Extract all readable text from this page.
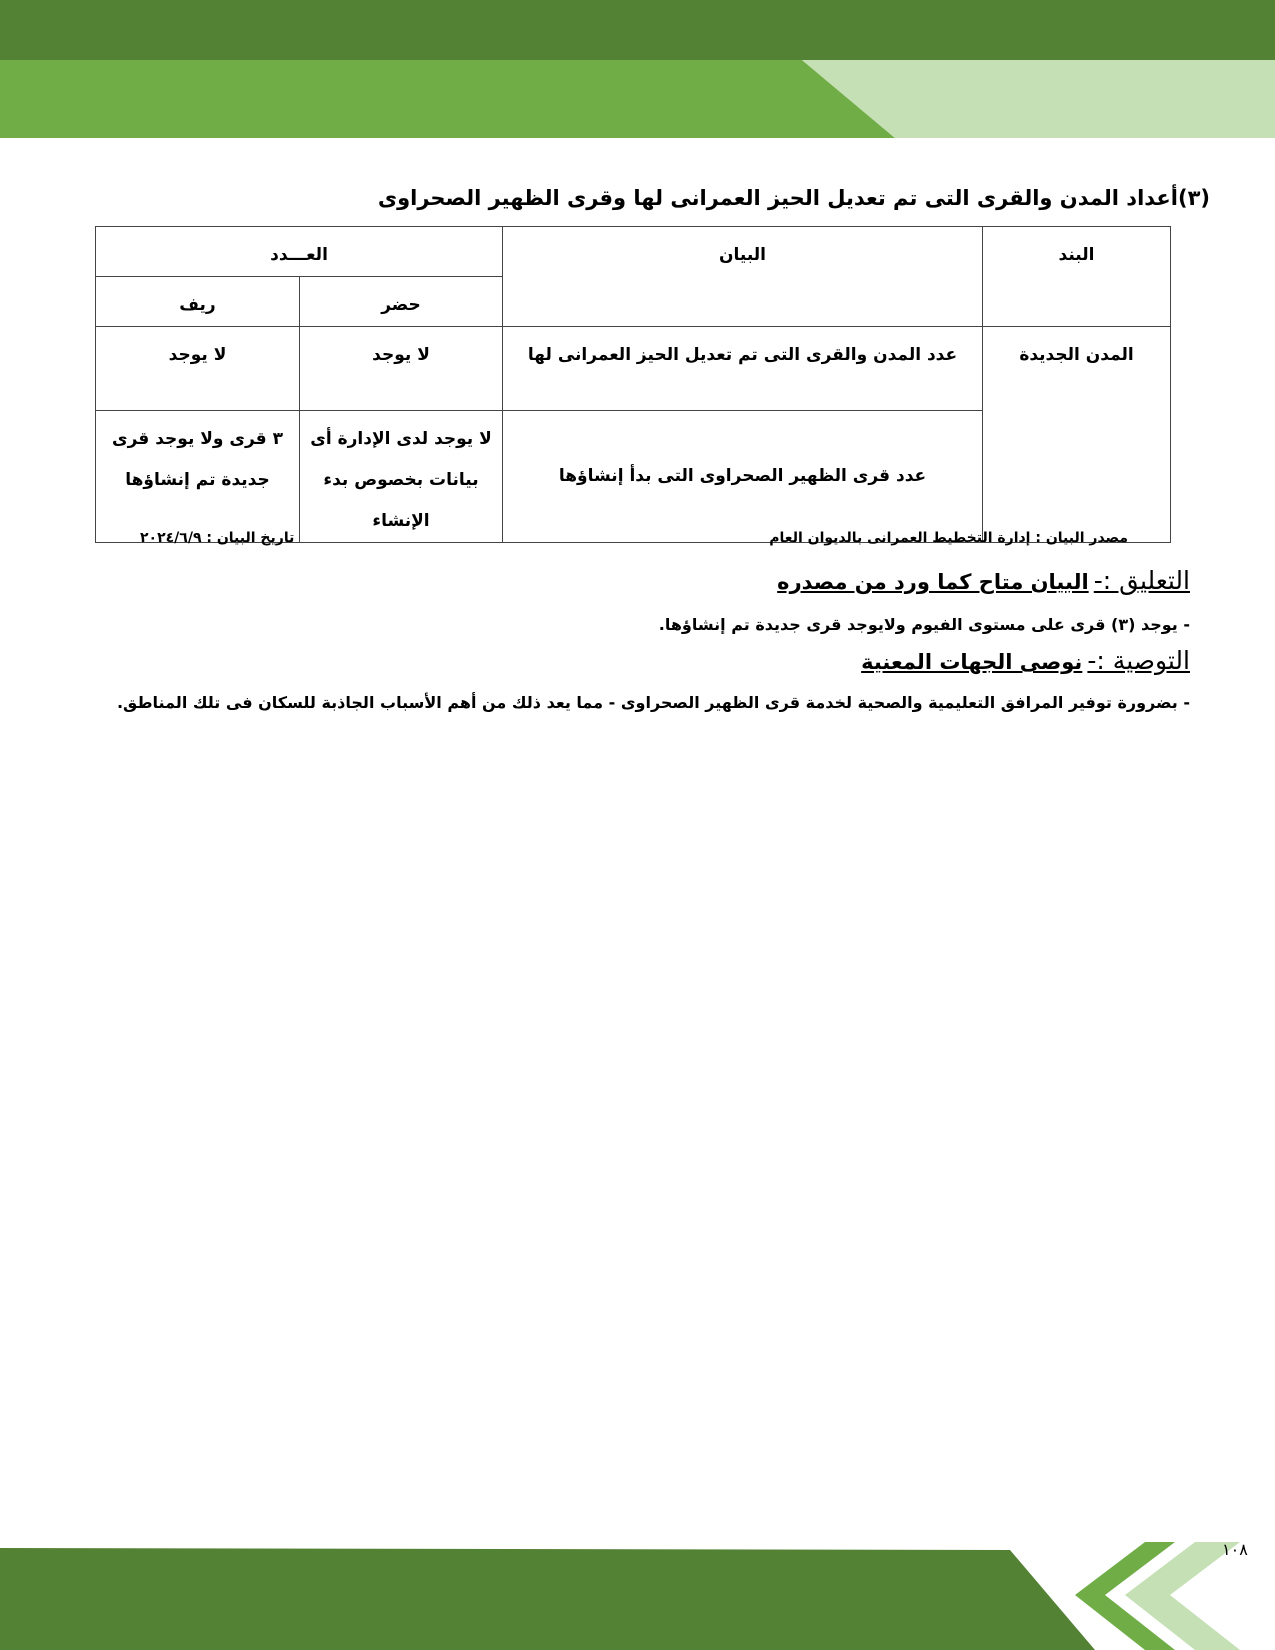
(٣)أعداد المدن والقرى التى تم تعديل الحيز العمرانى لها وقرى الظهير الصحراوى
البند	البيان	العـــدد	
		حضر	ريف
المدن الجديدة	عدد المدن والقرى التى تم تعديل الحيز العمرانى لها	لا يوجد	لا يوجد
	عدد قرى الظهير الصحراوى التى بدأ إنشاؤها	لا يوجد لدى الإدارة أى بيانات بخصوص بدء الإنشاء	٣ قرى ولا يوجد قرى جديدة تم إنشاؤها
مصدر البيان : إدارة التخطيط العمرانى بالديوان العام
تاريخ البيان : ٢٠٢٤/٦/٩
التعليق :- البيان متاح كما ورد من مصدره
- يوجد (٣) قرى على مستوى الفيوم ولايوجد قرى جديدة تم إنشاؤها.
التوصية :- نوصى الجهات المعنية
- بضرورة توفير المرافق التعليمية والصحية لخدمة قرى الظهير الصحراوى - مما يعد ذلك من أهم الأسباب الجاذبة للسكان فى تلك المناطق.
١٠٨
